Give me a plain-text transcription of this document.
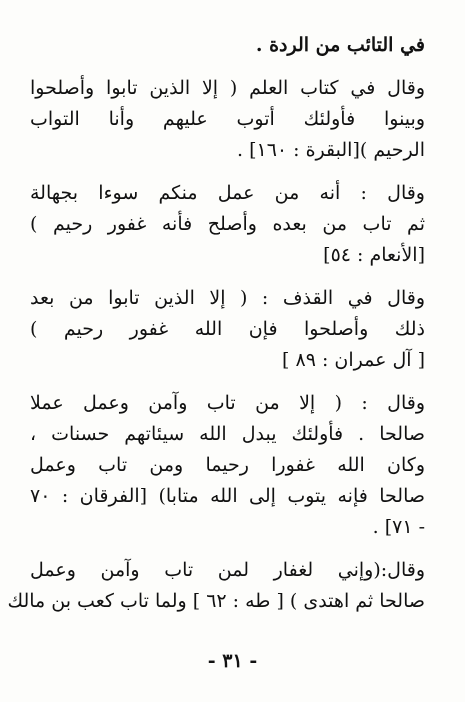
في التائب من الردة .
وقال في كتاب العلم ( إلا الذين تابوا وأصلحوا
وبينوا فأولئك أتوب عليهم وأنا التواب
الرحيم )[البقرة : ١٦٠] .
وقال : أنه من عمل منكم سوءا بجهالة
ثم تاب من بعده وأصلح فأنه غفور رحيم )
[الأنعام : ٥٤]
وقال في القذف : ( إلا الذين تابوا من بعد
ذلك وأصلحوا فإن الله غفور رحيم )
[ آل عمران : ٨٩ ]
وقال : ( إلا من تاب وآمن وعمل عملا
صالحا . فأولئك يبدل الله سيئاتهم حسنات ،
وكان الله غفورا رحيما ومن تاب وعمل
صالحا فإنه يتوب إلى الله متابا) [الفرقان : ٧٠
- ٧١] .
وقال:(وإني لغفار لمن تاب وآمن وعمل
صالحا ثم اهتدى ) [ طه : ٦٢ ] ولما تاب كعب بن مالك
- ٣١ -
